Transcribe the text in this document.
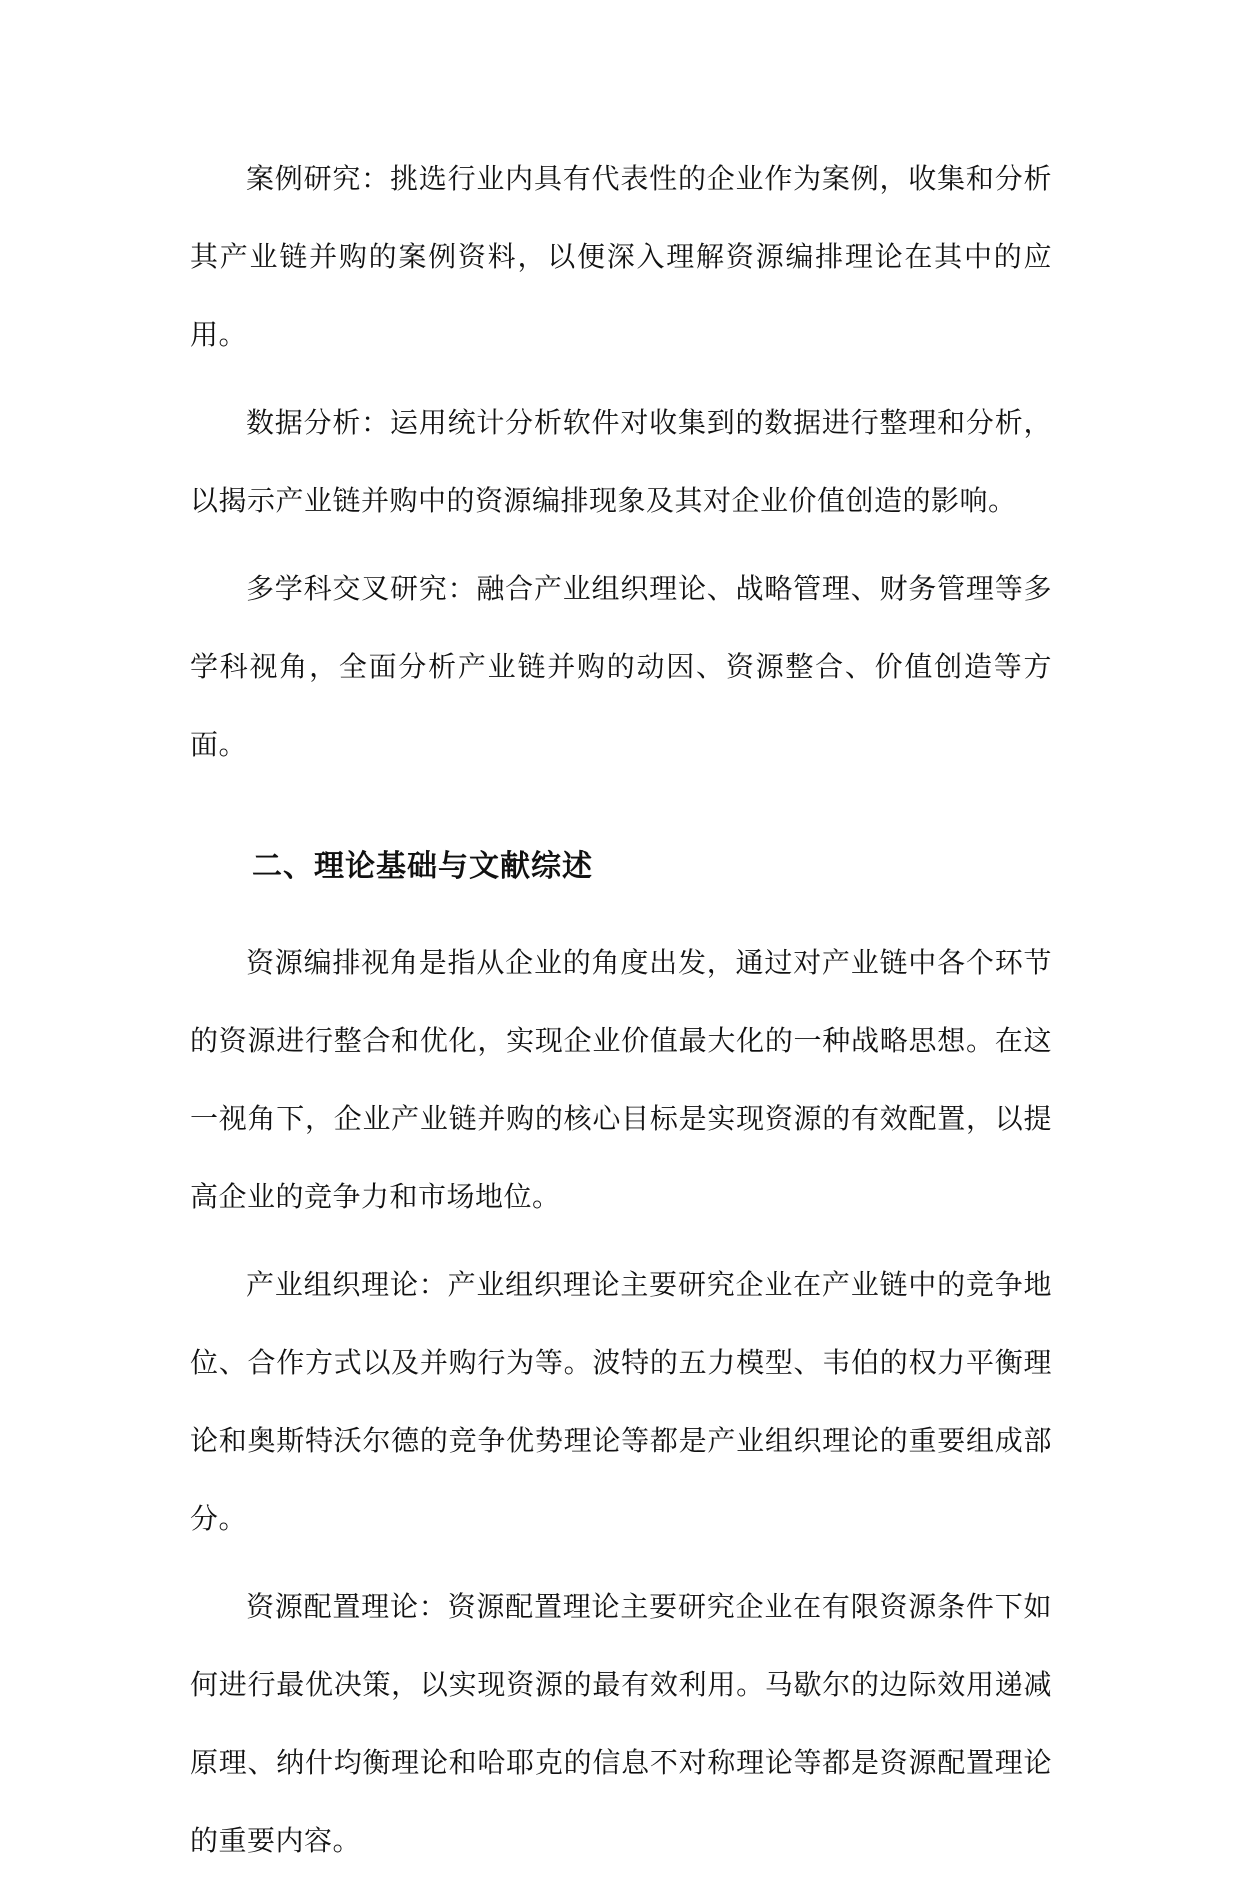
案例研究：挑选行业内具有代表性的企业作为案例，收集和分析其产业链并购的案例资料，以便深入理解资源编排理论在其中的应用。

数据分析：运用统计分析软件对收集到的数据进行整理和分析，以揭示产业链并购中的资源编排现象及其对企业价值创造的影响。

多学科交叉研究：融合产业组织理论、战略管理、财务管理等多学科视角，全面分析产业链并购的动因、资源整合、价值创造等方面。

二、理论基础与文献综述

资源编排视角是指从企业的角度出发，通过对产业链中各个环节的资源进行整合和优化，实现企业价值最大化的一种战略思想。在这一视角下，企业产业链并购的核心目标是实现资源的有效配置，以提高企业的竞争力和市场地位。

产业组织理论：产业组织理论主要研究企业在产业链中的竞争地位、合作方式以及并购行为等。波特的五力模型、韦伯的权力平衡理论和奥斯特沃尔德的竞争优势理论等都是产业组织理论的重要组成部分。

资源配置理论：资源配置理论主要研究企业在有限资源条件下如何进行最优决策，以实现资源的最有效利用。马歇尔的边际效用递减原理、纳什均衡理论和哈耶克的信息不对称理论等都是资源配置理论的重要内容。
